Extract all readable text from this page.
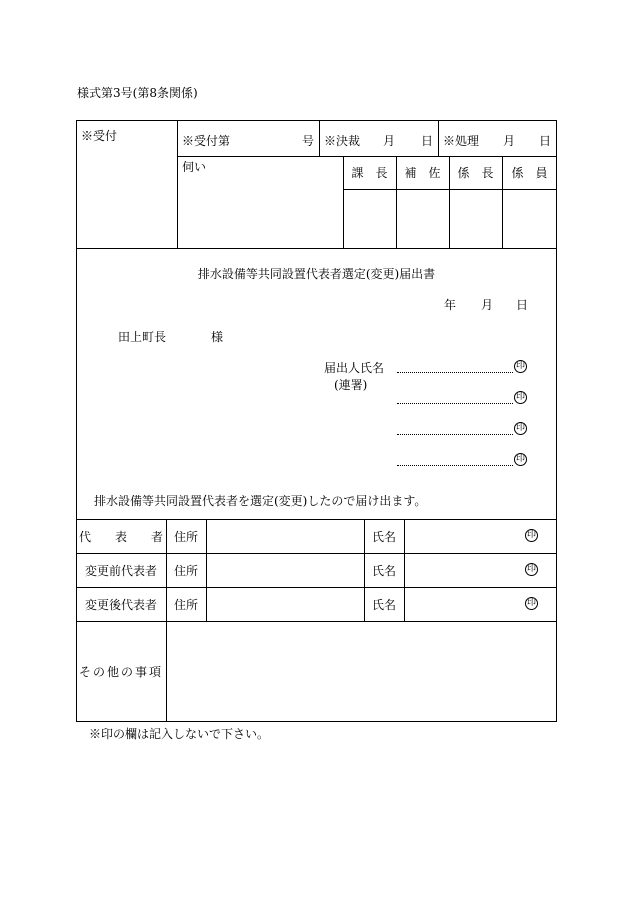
様式第3号(第8条関係)
※受付	※受付第	号 ※決裁 月 日 ※処理 月 日
伺い	課　長	補　佐	係　長	係　員
排水設備等共同設置代表者選定(変更)届出書
年 月 日
田上町長	様
届出人氏名
(連署)
印
印
印
印
排水設備等共同設置代表者を選定(変更)したので届け出ます。
代　　表　　者 住所	氏名	印
変更前代表者	住所	氏名	印
変更後代表者	住所	氏名	印
その他の事項
※印の欄は記入しないで下さい。
